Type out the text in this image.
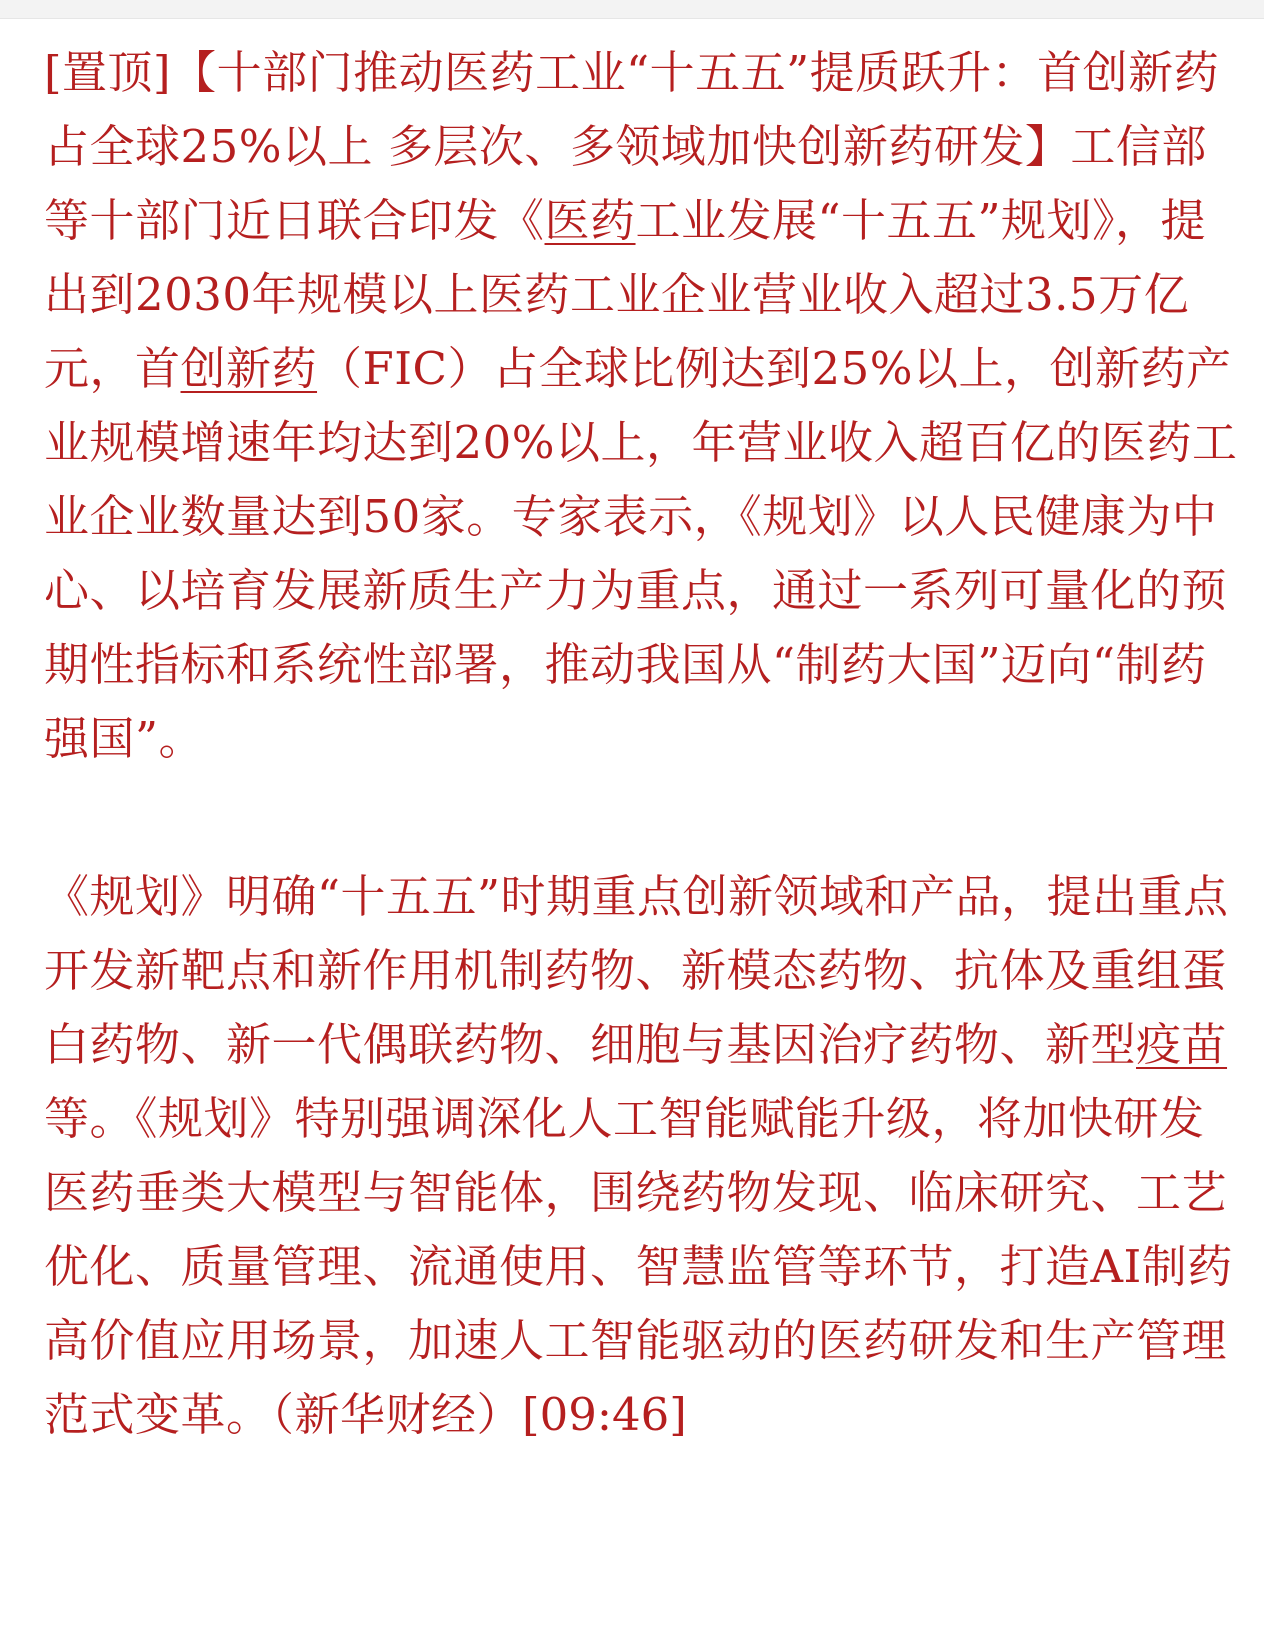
[置顶]【十部门推动医药工业“十五五”提质跃升：首创新药占全球25%以上 多层次、多领域加快创新药研发】工信部等十部门近日联合印发《医药工业发展“十五五”规划》，提出到2030年规模以上医药工业企业营业收入超过3.5万亿元，首创新药（FIC）占全球比例达到25%以上，创新药产业规模增速年均达到20%以上，年营业收入超百亿的医药工业企业数量达到50家。专家表示，《规划》以人民健康为中心、以培育发展新质生产力为重点，通过一系列可量化的预期性指标和系统性部署，推动我国从“制药大国”迈向“制药强国”。

《规划》明确“十五五”时期重点创新领域和产品，提出重点开发新靶点和新作用机制药物、新模态药物、抗体及重组蛋白药物、新一代偶联药物、细胞与基因治疗药物、新型疫苗等。《规划》特别强调深化人工智能赋能升级，将加快研发医药垂类大模型与智能体，围绕药物发现、临床研究、工艺优化、质量管理、流通使用、智慧监管等环节，打造AI制药高价值应用场景，加速人工智能驱动的医药研发和生产管理范式变革。（新华财经）[09:46]
